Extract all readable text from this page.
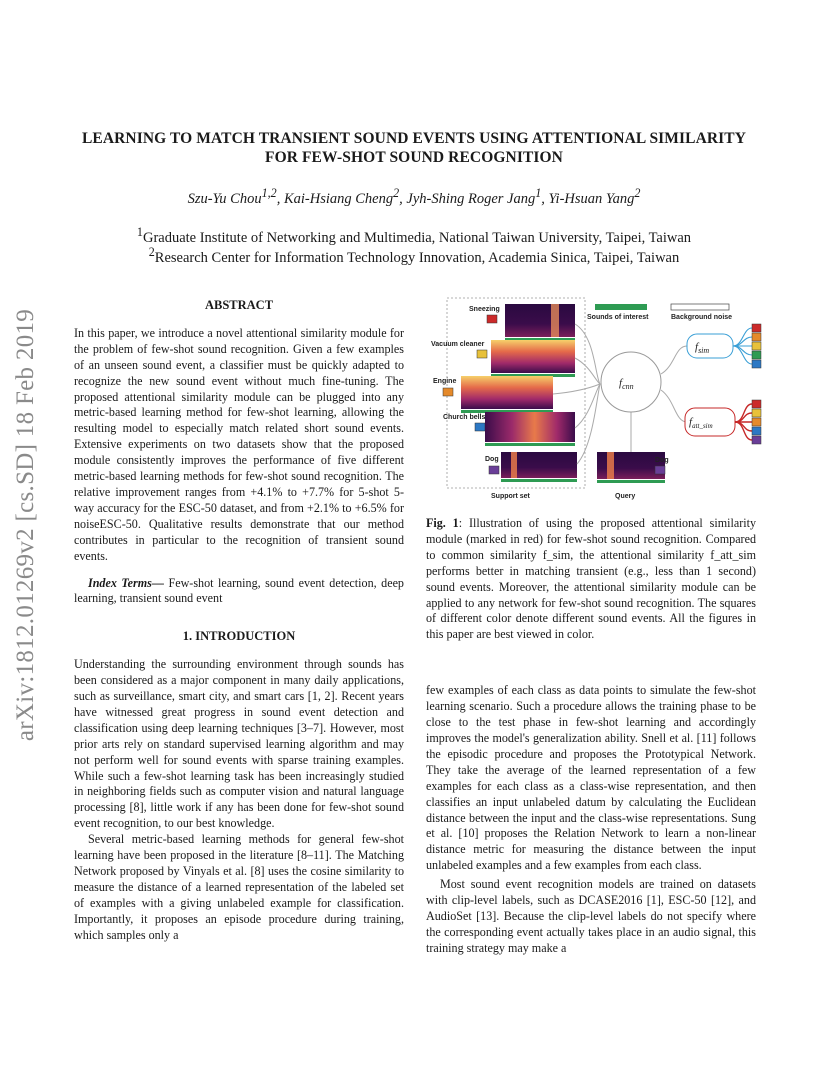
arXiv:1812.01269v2 [cs.SD] 18 Feb 2019
LEARNING TO MATCH TRANSIENT SOUND EVENTS USING ATTENTIONAL SIMILARITY FOR FEW-SHOT SOUND RECOGNITION
Szu-Yu Chou$^{1,2}$, Kai-Hsiang Cheng$^2$, Jyh-Shing Roger Jang$^1$, Yi-Hsuan Yang$^2$
$^1$Graduate Institute of Networking and Multimedia, National Taiwan University, Taipei, Taiwan
$^2$Research Center for Information Technology Innovation, Academia Sinica, Taipei, Taiwan
ABSTRACT

In this paper, we introduce a novel attentional similarity module for the problem of few-shot sound recognition. Given a few examples of an unseen sound event, a classifier must be quickly adapted to recognize the new sound event without much fine-tuning. The proposed attentional similarity module can be plugged into any metric-based learning method for few-shot learning, allowing the resulting model to especially match related short sound events. Extensive experiments on two datasets show that the proposed module consistently improves the performance of five different metric-based learning methods for few-shot sound recognition. The relative improvement ranges from +4.1% to +7.7% for 5-shot 5-way accuracy for the ESC-50 dataset, and from +2.1% to +6.5% for noiseESC-50. Qualitative results demonstrate that our method contributes in particular to the recognition of transient sound events.

Index Terms— Few-shot learning, sound event detection, deep learning, transient sound event

1. INTRODUCTION

Understanding the surrounding environment through sounds has been considered as a major component in many daily applications, such as surveillance, smart city, and smart cars [1, 2]. Recent years have witnessed great progress in sound event detection and classification using deep learning techniques [3–7]. However, most prior arts rely on standard supervised learning algorithm and may not perform well for sound events with sparse training examples. While such a few-shot learning task has been increasingly studied in neighboring fields such as computer vision and natural language processing [8], little work if any has been done for few-shot sound event recognition, to our best knowledge.

Several metric-based learning methods for general few-shot learning have been proposed in the literature [8–11]. The Matching Network proposed by Vinyals et al. [8] uses the cosine similarity to measure the distance of a learned representation of the labeled set of examples with a giving unlabeled example for classification. Importantly, it proposes an episode procedure during training, which samples only a

Sneezing
Vacuum cleaner
Engine
Church bells
Dog
Support set	Query
Dog
Sounds of interest	Background noise
$f_{cnn}$
$f_{sim}$
$f_{att\_sim}$

Fig. 1: Illustration of using the proposed attentional similarity module (marked in red) for few-shot sound recognition. Compared to common similarity f_sim, the attentional similarity f_att_sim performs better in matching transient (e.g., less than 1 second) sound events. Moreover, the attentional similarity module can be applied to any network for few-shot sound recognition. The squares of different color denote different sound events. All the figures in this paper are best viewed in color.

few examples of each class as data points to simulate the few-shot learning scenario. Such a procedure allows the training phase to be close to the test phase in few-shot learning and accordingly improves the model's generalization ability. Snell et al. [11] follows the episodic procedure and proposes the Prototypical Network. They take the average of the learned representation of a few examples for each class as a class-wise representation, and then classifies an input unlabeled datum by calculating the Euclidean distance between the input and the class-wise representations. Sung et al. [10] proposes the Relation Network to learn a non-linear distance metric for measuring the distance between the input unlabeled examples and a few examples from each class.

Most sound event recognition models are trained on datasets with clip-level labels, such as DCASE2016 [1], ESC-50 [12], and AudioSet [13]. Because the clip-level labels do not specify where the corresponding event actually takes place in an audio signal, this training strategy may make a
